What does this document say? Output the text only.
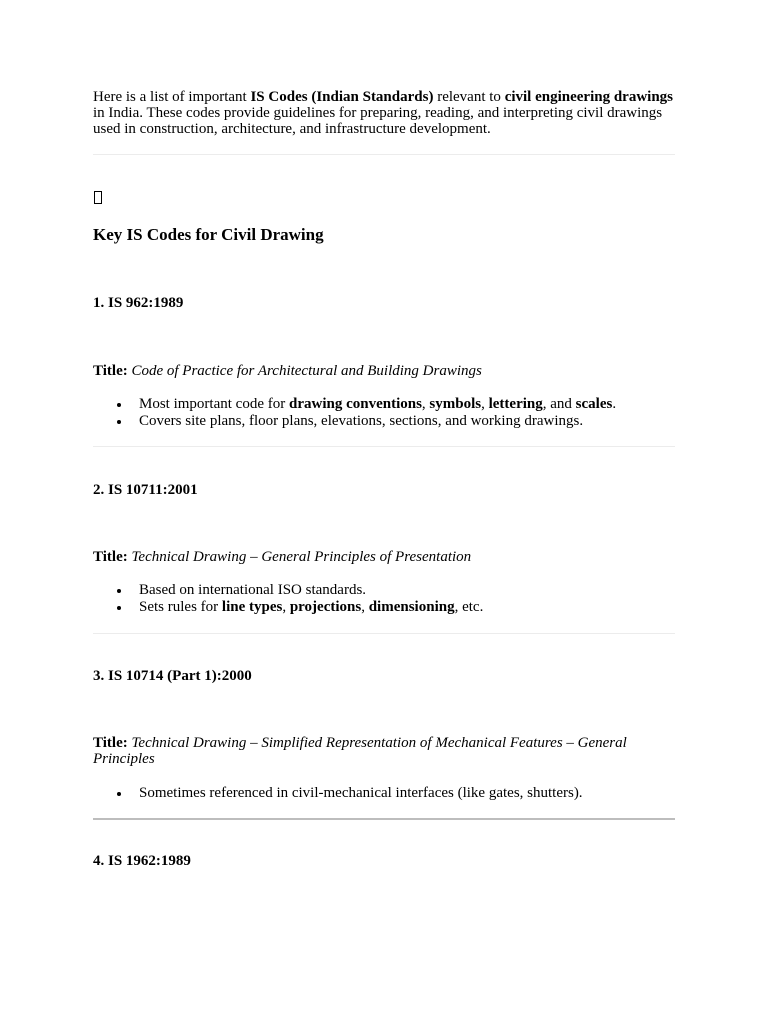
Here is a list of important IS Codes (Indian Standards) relevant to civil engineering drawings in India. These codes provide guidelines for preparing, reading, and interpreting civil drawings used in construction, architecture, and infrastructure development.

Key IS Codes for Civil Drawing
1. IS 962:1989

Title: Code of Practice for Architectural and Building Drawings

Most important code for drawing conventions, symbols, lettering, and scales.
Covers site plans, floor plans, elevations, sections, and working drawings.
2. IS 10711:2001

Title: Technical Drawing – General Principles of Presentation

Based on international ISO standards.
Sets rules for line types, projections, dimensioning, etc.
3. IS 10714 (Part 1):2000

Title: Technical Drawing – Simplified Representation of Mechanical Features – General Principles

Sometimes referenced in civil-mechanical interfaces (like gates, shutters).
4. IS 1962:1989
